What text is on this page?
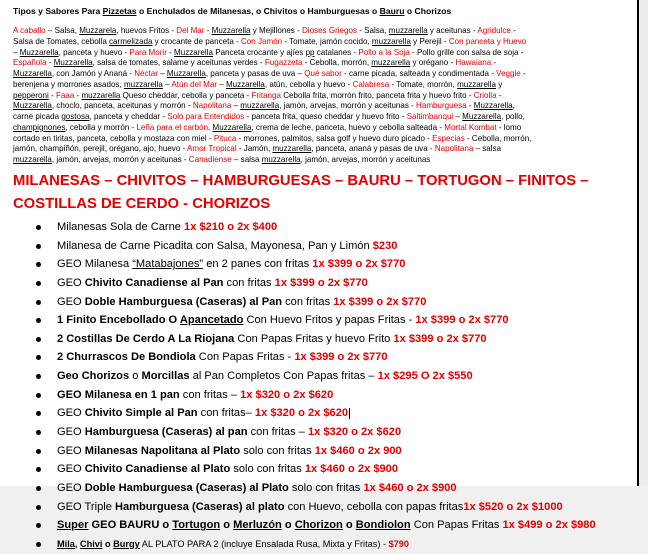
Tipos y Sabores Para Pizzetas o Enchulados de Milanesas, o Chivitos o Hamburguesas o Bauru o Chorizos
A caballo – Salsa, Muzzarela, huevos Fritos - Del Mar - Muzzarella y Mejillones - Dioses Griegos - Salsa, muzzarella y aceitunas - Agridulce -
Salsa de Tomates, cebolla carmelizada y crocante de panceta - Con Jamón - Tomate, jamón cocido, muzzarella y Perejil - Con panceta y Huevo
– Muzzarella, panceta y huevo - Para Morir - Muzzarella Panceta crocante y ajíes pp catalanes - Pollo a la Soja - Pollo grille con salsa de soja -
Española - Muzzarella, salsa de tomates, salame y aceitunas verdes - Fugazzeta - Cebolla, morrón, muzzarella y orégano - Hawaiana -
Muzzarella, con Jamón y Ananá - Néctar – Muzzarella, panceta y pasas de uva – Qué sabor - carne picada, salteada y condimentada - Veggie -
berenjena y morrones asados, muzzarella – Atún del Mar – Muzzarella, atún, cebolla y huevo - Calabresa - Tomate, morrón, muzzarella y
pepperoni - Faaa - muzzarella Queso cheddar, cebolla y panceta - Fritanga Cebolla frita, morrón frito, panceta frita y huevo frito - Criolla -
Muzzarella, choclo, panceta, aceitunas y morrón - Napolitana – muzzarella, jamón, arvejas, morrón y aceitunas - Hamburguesa - Muzzarella,
carne picada gostosa, panceta y cheddar - Solo para Entendidos - panceta frita, queso cheddar y huevo frito - Saltimbanqui – Muzzarella, pollo,
champignones, cebolla y morrón - Leña para el carbón. Muzzarella, crema de leche, panceta, huevo y cebolla salteada - Mortal Kombat - lomo
cortado en tiritas, panceta, cebolla y mostaza con miel - Pituca - morrones, palmitos, salsa golf y huevo duro picado - Especias - Cebolla, morrón,
jamón, champiñón, perejil, orégano, ajo, huevo - Amor Tropical - Jamón, muzzarella, panceta, ananá y pasas de uva - Napolitana – salsa
muzzarella, jamón, arvejas, morrón y aceitunas - Canadiense – salsa muzzarella, jamón, arvejas, morrón y aceitunas
MILANESAS – CHIVITOS – HAMBURGUESAS – BAURU – TORTUGON – FINITOS –
COSTILLAS DE CERDO - CHORIZOS
Milanesas Sola de Carne 1x $210 o 2x $400
Milanesa de Carne Picadita con Salsa, Mayonesa, Pan y Limón $230
GEO Milanesa “Matabajones” en 2 panes con fritas 1x $399 o 2x $770
GEO Chivito Canadiense al Pan con fritas 1x $399 o 2x $770
GEO Doble Hamburguesa (Caseras) al Pan con fritas 1x $399 o 2x $770
1 Finito Encebollado O Apancetado Con Huevo Fritos y papas Fritas - 1x $399 o 2x $770
2 Costillas De Cerdo A La Riojana Con Papas Fritas y huevo Frito 1x $399 o 2x $770
2 Churrascos De Bondiola Con Papas Fritas - 1x $399 o 2x $770
Geo Chorizos o Morcillas al Pan Completos Con Papas fritas – 1x $295 O 2x $550
GEO Milanesa en 1 pan con fritas – 1x $320 o 2x $620
GEO Chivito Simple al Pan con fritas– 1x $320 o 2x $620
GEO Hamburguesa (Caseras) al pan con fritas – 1x $320 o 2x $620
GEO Milanesas Napolitana al Plato solo con fritas 1x $460 o 2x 900
GEO Chivito Canadiense al Plato solo con fritas 1x $460 o 2x $900
GEO Doble Hamburguesa (Caseras) al Plato solo con fritas 1x $460 o 2x $900
GEO Triple Hamburguesa (Caseras) al plato con Huevo, cebolla con papas fritas1x $520 o 2x $1000
Super GEO BAURU o Tortugon o Merluzón o Chorizon o Bondiolon Con Papas Fritas 1x $499 o 2x $980
Mila, Chivi o Burgy AL PLATO PARA 2 (incluye Ensalada Rusa, Mixta y Fritas) - $790
